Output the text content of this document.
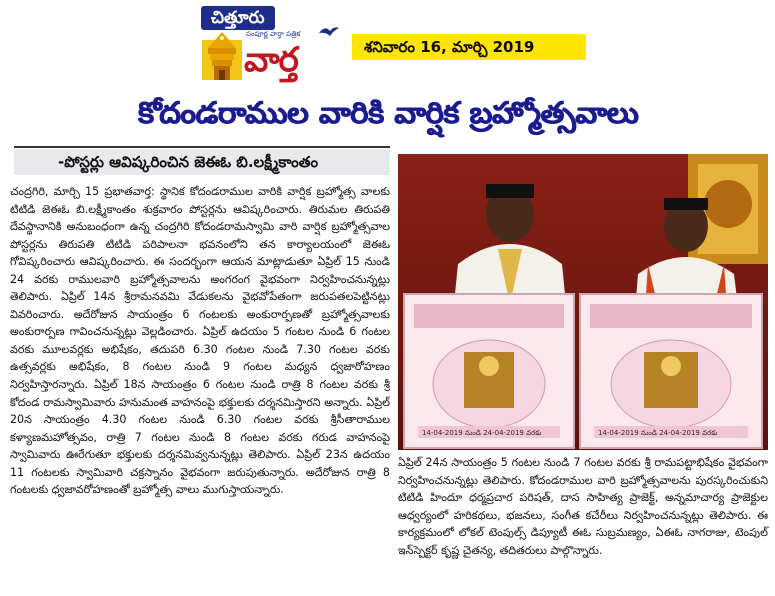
చిత్తూరు
సంపూర్ణ వార్తా పత్రిక
వార్త	శనివారం 16, మార్చి 2019
కోదండరాముల వారికి వార్షిక బ్రహ్మోత్సవాలు
-పోస్టర్లు ఆవిష్కరించిన జెఈఓ బి.లక్ష్మీకాంతం
చంద్రగిరి, మార్చి 15 ప్రభాతవార్త: స్థానిక కోదండరాముల వారికి వార్షిక బ్రహ్మోత్స వాలకు టిటిడి జెఈఓ బి.లక్ష్మీకాంతం శుక్రవారం పోస్టర్లను ఆవిష్కరించారు. తిరుమల తిరుపతి దేవస్థానానికి అనుబంధంగా ఉన్న చంద్రగిరి కోదండరామస్వామి వారి వార్షిక బ్రహ్మోత్సవాల పోస్టర్లను తిరుపతి టిటిడి పరిపాలనా భవనంలోని తన కార్యాలయంలో జెఈఓ గోవిష్కరించారు ఆవిష్కరించారు. ఈ సందర్భంగా ఆయన మాట్లాడుతూ ఏప్రిల్ 15 నుండి 24 వరకు రాములవారి బ్రహ్మోత్సవాలను అంగరంగ వైభవంగా నిర్వహించనున్నట్లు తెలిపారు. ఏప్రిల్ 14న శ్రీరామనవమి వేడుకలను వైభవోపేతంగా జరుపతలపెట్టినట్లు వివరించారు. అదేరోజున సాయంత్రం 6 గంటలకు అంకురార్పణతో బ్రహ్మోత్సవాలకు అంకురార్పణ గావించనున్నట్లు వెల్లడించారు. ఏప్రిల్ ఉదయం 5 గంటల నుండి 6 గంటల వరకు మూలవర్లకు అభిషేకం, తదుపరి 6.30 గంటల నుండి 7.30 గంటల వరకు ఉత్సవర్లకు అభిషేకం, 8 గంటల నుండి 9 గంటల మధ్యన ధ్వజారోహణం నిర్వహిస్తారన్నారు. ఏప్రిల్ 18న సాయంత్రం 6 గంటల నుండి రాత్రి 8 గంటల వరకు శ్రీ కోదండ రామస్వామివారు హనుమంత వాహనంపై భక్తులకు దర్శనమిస్తారని అన్నారు. ఏప్రిల్ 20న సాయంత్రం 4.30 గంటల నుండి 6.30 గంటల వరకు శ్రీసీతారాముల కళ్యాణమహోత్సవం, రాత్రి 7 గంటల నుండి 8 గంటల వరకు గరుడ వాహనంపై స్వామివారు ఊరేగుతూ భక్తులకు దర్శనమివ్వనున్నట్లు తెలిపారు. ఏప్రిల్ 23న ఉదయం 11 గంటలకు స్వామివారి చక్రస్నానం వైభవంగా జరుపుతున్నారు. అదేరోజున రాత్రి 8 గంటలకు ధ్వజావరోహణంతో బ్రహ్మోత్స వాలు ముగుస్తాయన్నారు.
14-04-2019 నుండి 24-04-2019 వరకు	14-04-2019 నుండి 24-04-2019 వరకు
ఏప్రిల్ 24న సాయంత్రం 5 గంటల నుండి 7 గంటల వరకు శ్రీ రామపట్టాభిషేకం వైభవంగా నిర్వహించనున్నట్లు తెలిపారు. కోదండరాముల వారి బ్రహ్మోత్సవాలను పురస్కరించుకుని టిటిడి హిందూ ధర్మప్రచార పరిషత్, దాస సాహిత్య ప్రాజెక్ట్, అన్నమాచార్య ప్రాజెక్టుల ఆధ్వర్యంలో హరికథలు, భజనలు, సంగీత కచేరీలు నిర్వహించనున్నట్లు తెలిపారు. ఈ కార్యక్రమంలో లోకల్ టెంపుల్స్ డిప్యూటీ ఈఓ సుబ్రమణ్యం, ఏఈఓ నాగరాజు, టెంపుల్ ఇన్‌స్పెక్టర్ కృష్ణ చైతన్య, తదితరులు పాల్గొన్నారు.
